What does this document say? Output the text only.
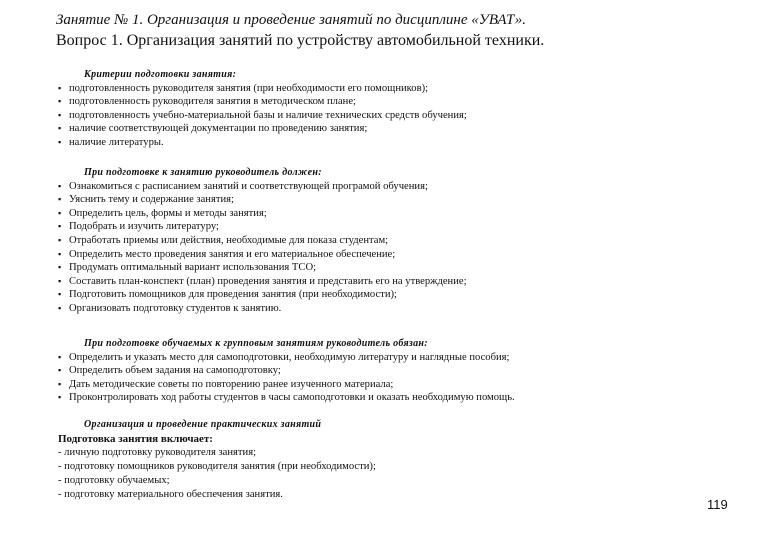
Занятие № 1. Организация и проведение занятий по дисциплине «УВАТ».
Вопрос 1. Организация занятий по устройству автомобильной техники.
Критерии подготовки занятия:
▪ подготовленность руководителя занятия (при необходимости его помощников);
▪ подготовленность руководителя занятия в методическом плане;
▪ подготовленность учебно-материальной базы и наличие технических средств обучения;
▪ наличие соответствующей документации по проведению занятия;
▪ наличие литературы.
При подготовке к занятию руководитель должен:
▪ Ознакомиться с расписанием занятий и соответствующей програмой обучения;
▪ Уяснить тему и содержание занятия;
▪ Определить цель, формы и методы занятия;
▪ Подобрать и изучить литературу;
▪ Отработать приемы или действия, необходимые для показа студентам;
▪ Определить место проведения занятия и его материальное обеспечение;
▪ Продумать оптимальный вариант использования ТСО;
▪ Составить план-конспект (план) проведения занятия и представить его на утверждение;
▪ Подготовить помощников для проведения занятия (при необходимости);
▪ Организовать подготовку студентов к занятию.
При подготовке обучаемых к групповым занятиям руководитель обязан:
▪ Определить и указать место для самоподготовки, необходимую литературу и наглядные пособия;
▪ Определить объем задания на самоподготовку;
▪ Дать методические советы по повторению ранее изученного материала;
▪ Проконтролировать ход работы студентов в часы самоподготовки и оказать необходимую помощь.
Организация и проведение практических занятий
Подготовка занятия включает:
- личную подготовку руководителя занятия;
- подготовку помощников руководителя занятия (при необходимости);
- подготовку обучаемых;
- подготовку материального обеспечения занятия.
119
